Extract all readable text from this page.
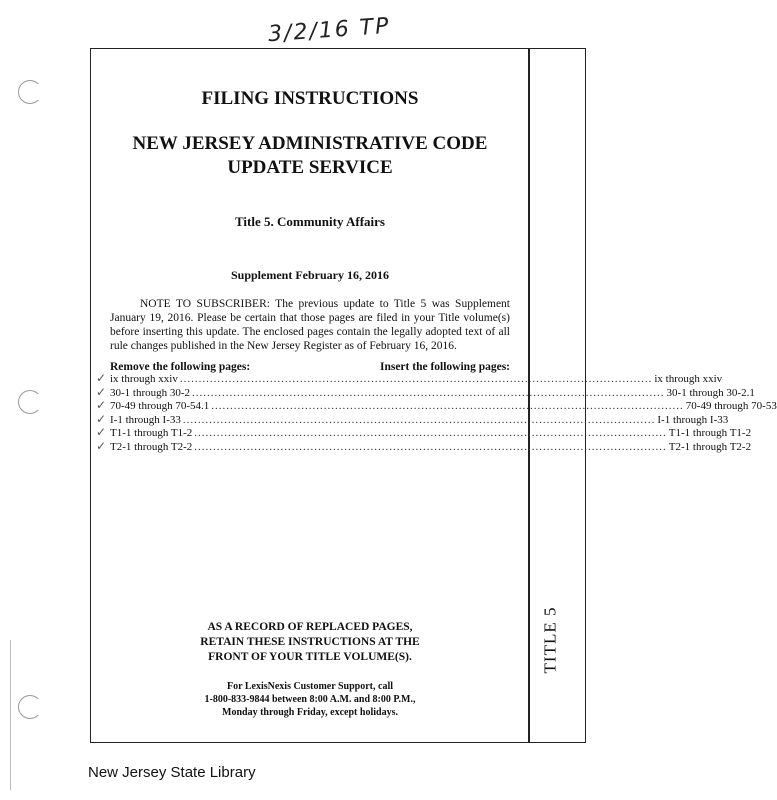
3/2/16 TP
TITLE 5
FILING INSTRUCTIONS
NEW JERSEY ADMINISTRATIVE CODE
UPDATE SERVICE
Title 5. Community Affairs
Supplement February 16, 2016

NOTE TO SUBSCRIBER: The previous update to Title 5 was Supplement January 19, 2016. Please be certain that those pages are filed in your Title volume(s) before inserting this update. The enclosed pages contain the legally adopted text of all rule changes published in the New Jersey Register as of February 16, 2016.

Remove the following pages:	Insert the following pages:
✓ ix through xxiv .............................................................................................................................. ix through xxiv
✓ 30-1 through 30-2 .............................................................................................................................. 30-1 through 30-2.1
✓ 70-49 through 70-54.1 .............................................................................................................................. 70-49 through 70-53
✓ I-1 through I-33 .............................................................................................................................. I-1 through I-33
✓ T1-1 through T1-2 .............................................................................................................................. T1-1 through T1-2
✓ T2-1 through T2-2 .............................................................................................................................. T2-1 through T2-2
AS A RECORD OF REPLACED PAGES,
RETAIN THESE INSTRUCTIONS AT THE
FRONT OF YOUR TITLE VOLUME(S).
For LexisNexis Customer Support, call
1-800-833-9844 between 8:00 A.M. and 8:00 P.M.,
Monday through Friday, except holidays.
New Jersey State Library
